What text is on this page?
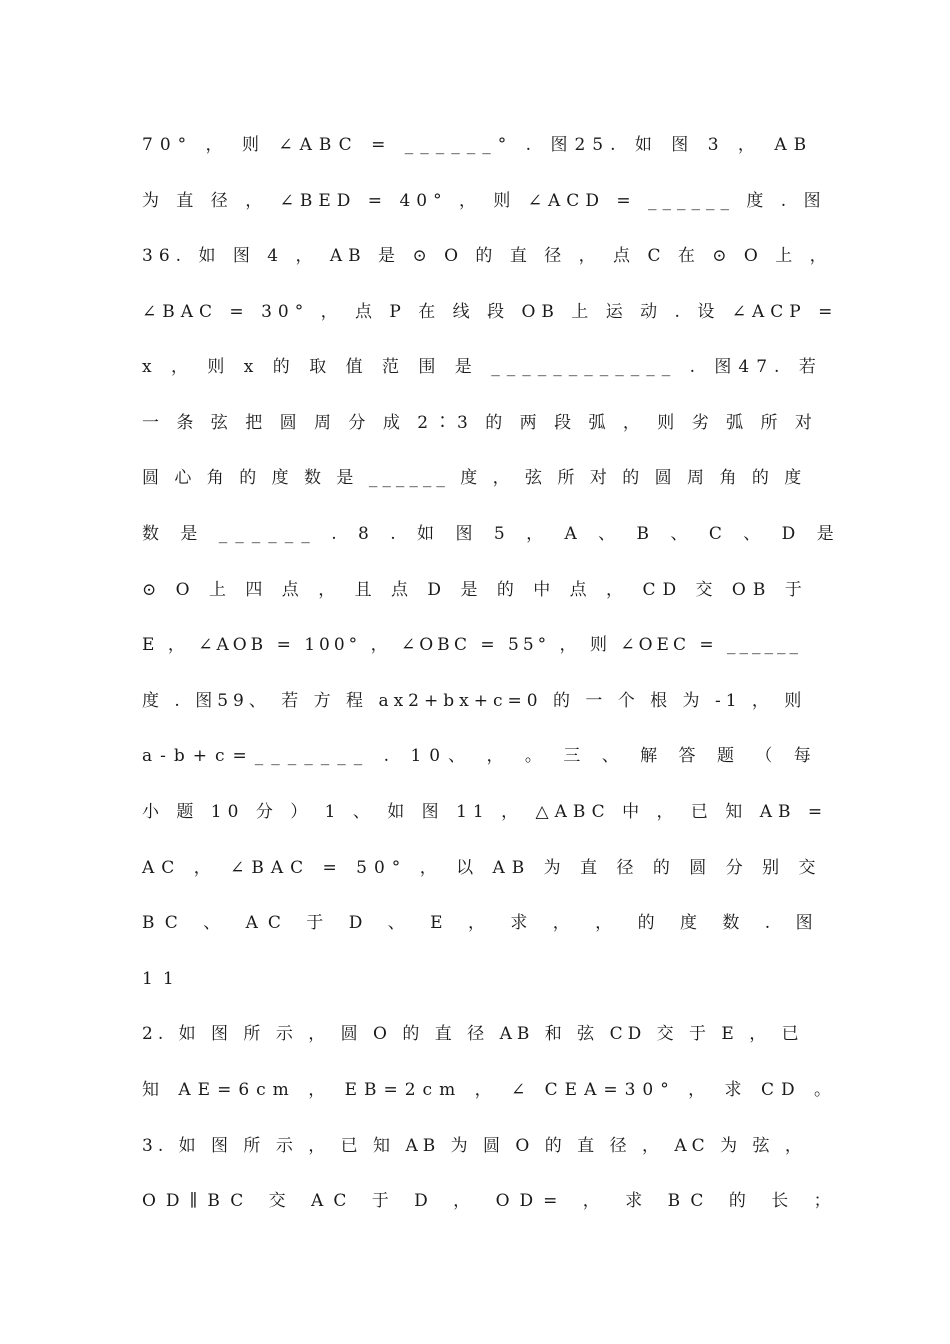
70° ， 则 ∠ABC = ______° . 图25. 如 图 3 ， AB
为 直 径 ， ∠BED = 40° ， 则 ∠ACD = ______ 度 . 图
36. 如 图 4 ， AB 是 ⊙ O 的 直 径 ， 点 C 在 ⊙ O 上 ，
∠BAC = 30° ， 点 P 在 线 段 OB 上 运 动 . 设 ∠ACP =
x ， 则 x 的 取 值 范 围 是 ____________ . 图47. 若
一 条 弦 把 圆 周 分 成 2∶3 的 两 段 弧 ， 则 劣 弧 所 对
圆 心 角 的 度 数 是 ______ 度 ， 弦 所 对 的 圆 周 角 的 度
数 是 ______ . 8 . 如 图 5 ， A 、 B 、 C 、 D 是
⊙ O 上 四 点 ， 且 点 D 是 的 中 点 ， CD 交 OB 于
E ， ∠AOB = 100° ， ∠OBC = 55° ， 则 ∠OEC = ______
度 . 图59、 若 方 程 ax2+bx+c=0 的 一 个 根 为 -1 ， 则
a-b+c=_______ . 10、 ， 。 三 、 解 答 题 （ 每
小 题 10 分 ） 1 、 如 图 11 ， △ABC 中 ， 已 知 AB =
AC ， ∠BAC = 50° ， 以 AB 为 直 径 的 圆 分 别 交
BC 、 AC 于 D 、 E ， 求 ， ， 的 度 数 . 图
11
2. 如 图 所 示 ， 圆 O 的 直 径 AB 和 弦 CD 交 于 E ， 已
知 AE=6cm ， EB=2cm ， ∠ CEA=30° ， 求 CD 。
3. 如 图 所 示 ， 已 知 AB 为 圆 O 的 直 径 ， AC 为 弦 ，
OD∥BC 交 AC 于 D ， OD= ， 求 BC 的 长 ；
